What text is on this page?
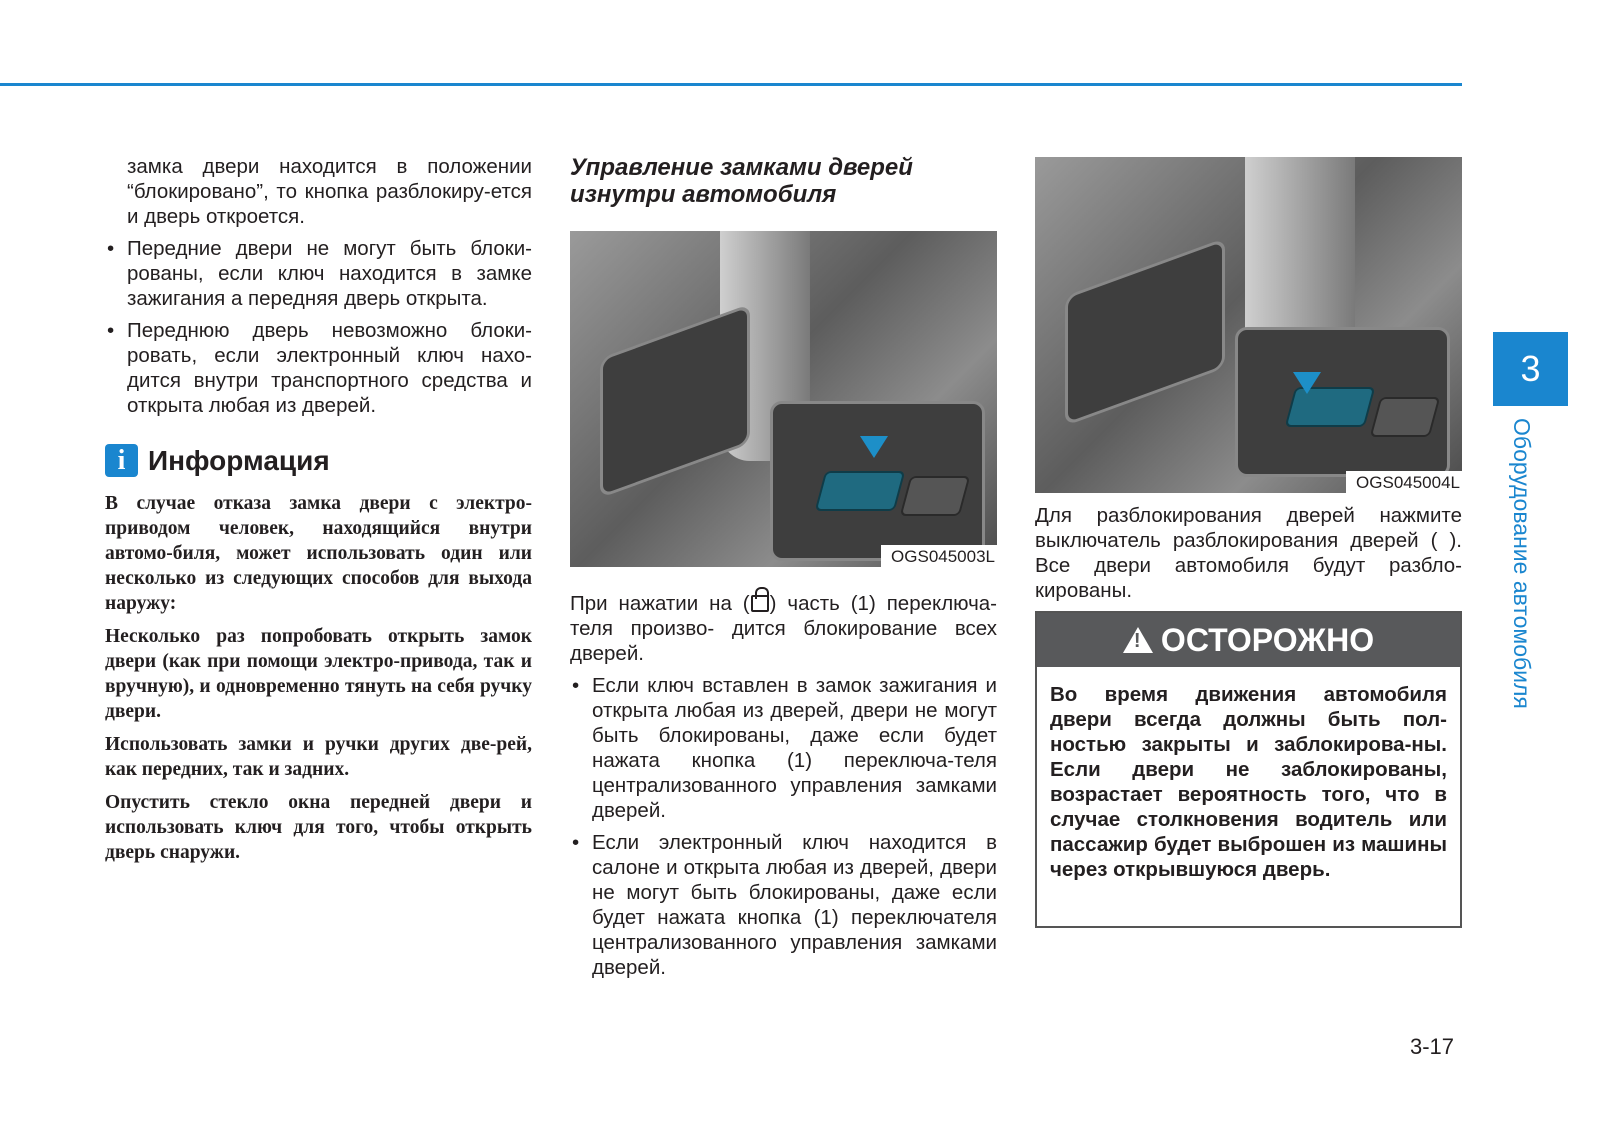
замка двери находится в положении “блокировано”, то кнопка разблокиру-ется и дверь откроется.

• Передние двери не могут быть блоки-рованы, если ключ находится в замке зажигания а передняя дверь открыта.
• Переднюю дверь невозможно блоки-ровать, если электронный ключ нахо-дится внутри транспортного средства и открыта любая из дверей.
i Информация
В случае отказа замка двери с электро-приводом человек, находящийся внутри автомо-биля, может использовать один или несколько из следующих способов для выхода наружу:
Несколько раз попробовать открыть замок двери (как при помощи электро-привода, так и вручную), и одновременно тянуть на себя ручку двери.
Использовать замки и ручки других две-рей, как передних, так и задних.
Опустить стекло окна передней двери и использовать ключ для того, чтобы открыть дверь снаружи.
Управление замками дверей изнутри автомобиля
OGS045003L

При нажатии на ( ) часть (1) переключа-теля произво- дится блокирование всех дверей.

• Если ключ вставлен в замок зажигания и открыта любая из дверей, двери не могут быть блокированы, даже если будет нажата кнопка (1) переключа-теля централизованного управления замками дверей.
• Если электронный ключ находится в салоне и открыта любая из дверей, двери не могут быть блокированы, даже если будет нажата кнопка (1) переключателя централизованного управления замками дверей.
OGS045004L
Для разблокирования дверей нажмите выключатель разблокирования дверей ( ). Все двери автомобиля будут разбло-кированы.
!
ОСТОРОЖНО
Во время движения автомобиля двери всегда должны быть пол-ностью закрыты и заблокирова-ны. Если двери не заблокированы, возрастает вероятность того, что в случае столкновения водитель или пассажир будет выброшен из машины через открывшуюся дверь.
3
Оборудование автомобиля
3-17
